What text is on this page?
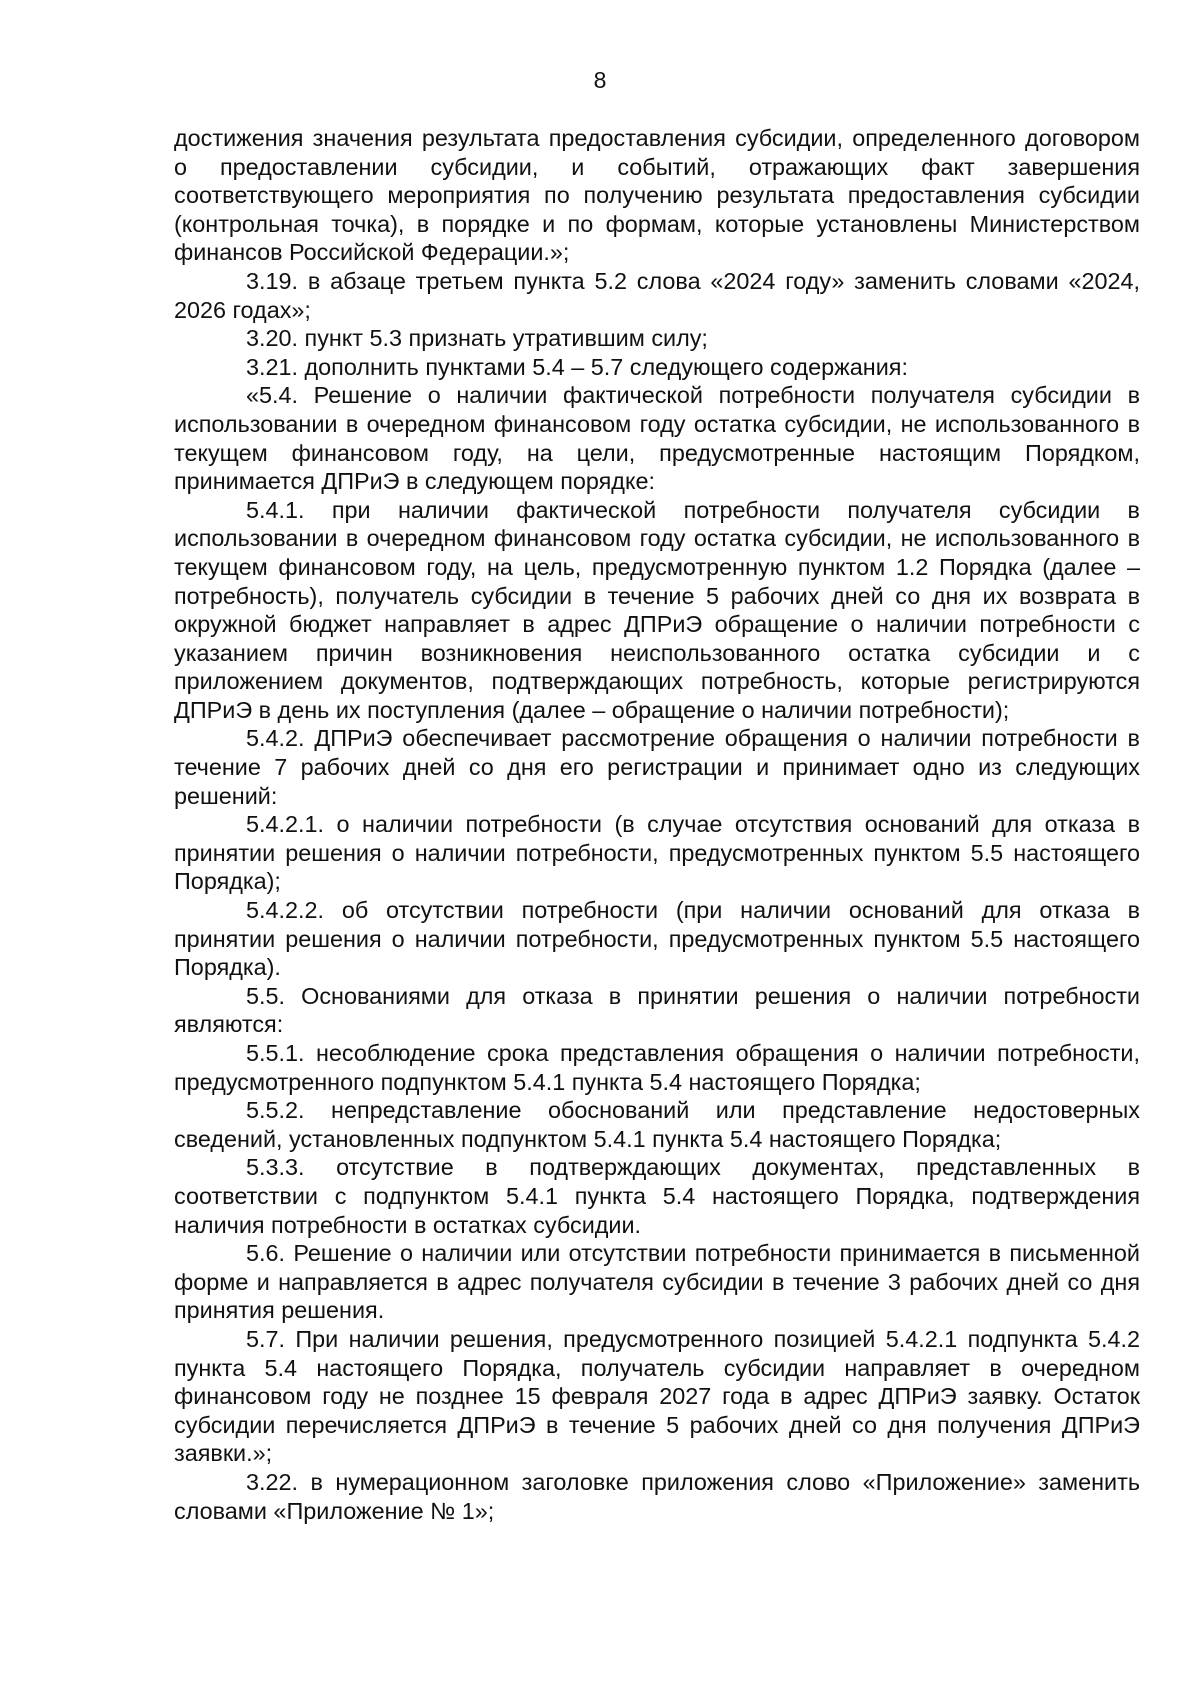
8

достижения значения результата предоставления субсидии, определенного договором о предоставлении субсидии, и событий, отражающих факт завершения соответствующего мероприятия по получению результата предоставления субсидии (контрольная точка), в порядке и по формам, которые установлены Министерством финансов Российской Федерации.»;

3.19. в абзаце третьем пункта 5.2 слова «2024 году» заменить словами «2024, 2026 годах»;

3.20. пункт 5.3 признать утратившим силу;

3.21. дополнить пунктами 5.4 – 5.7 следующего содержания:

«5.4. Решение о наличии фактической потребности получателя субсидии в использовании в очередном финансовом году остатка субсидии, не использованного в текущем финансовом году, на цели, предусмотренные настоящим Порядком, принимается ДПРиЭ в следующем порядке:

5.4.1. при наличии фактической потребности получателя субсидии в использовании в очередном финансовом году остатка субсидии, не использованного в текущем финансовом году, на цель, предусмотренную пунктом 1.2 Порядка (далее – потребность), получатель субсидии в течение 5 рабочих дней со дня их возврата в окружной бюджет направляет в адрес ДПРиЭ обращение о наличии потребности с указанием причин возникновения неиспользованного остатка субсидии и с приложением документов, подтверждающих потребность, которые регистрируются ДПРиЭ в день их поступления (далее – обращение о наличии потребности);

5.4.2. ДПРиЭ обеспечивает рассмотрение обращения о наличии потребности в течение 7 рабочих дней со дня его регистрации и принимает одно из следующих решений:

5.4.2.1. о наличии потребности (в случае отсутствия оснований для отказа в принятии решения о наличии потребности, предусмотренных пунктом 5.5 настоящего Порядка);

5.4.2.2. об отсутствии потребности (при наличии оснований для отказа в принятии решения о наличии потребности, предусмотренных пунктом 5.5 настоящего Порядка).

5.5. Основаниями для отказа в принятии решения о наличии потребности являются:

5.5.1. несоблюдение срока представления обращения о наличии потребности, предусмотренного подпунктом 5.4.1 пункта 5.4 настоящего Порядка;

5.5.2. непредставление обоснований или представление недостоверных сведений, установленных подпунктом 5.4.1 пункта 5.4 настоящего Порядка;

5.3.3. отсутствие в подтверждающих документах, представленных в соответствии с подпунктом 5.4.1 пункта 5.4 настоящего Порядка, подтверждения наличия потребности в остатках субсидии.

5.6. Решение о наличии или отсутствии потребности принимается в письменной форме и направляется в адрес получателя субсидии в течение 3 рабочих дней со дня принятия решения.

5.7. При наличии решения, предусмотренного позицией 5.4.2.1 подпункта 5.4.2 пункта 5.4 настоящего Порядка, получатель субсидии направляет в очередном финансовом году не позднее 15 февраля 2027 года в адрес ДПРиЭ заявку. Остаток субсидии перечисляется ДПРиЭ в течение 5 рабочих дней со дня получения ДПРиЭ заявки.»;

3.22. в нумерационном заголовке приложения слово «Приложение» заменить словами «Приложение № 1»;
